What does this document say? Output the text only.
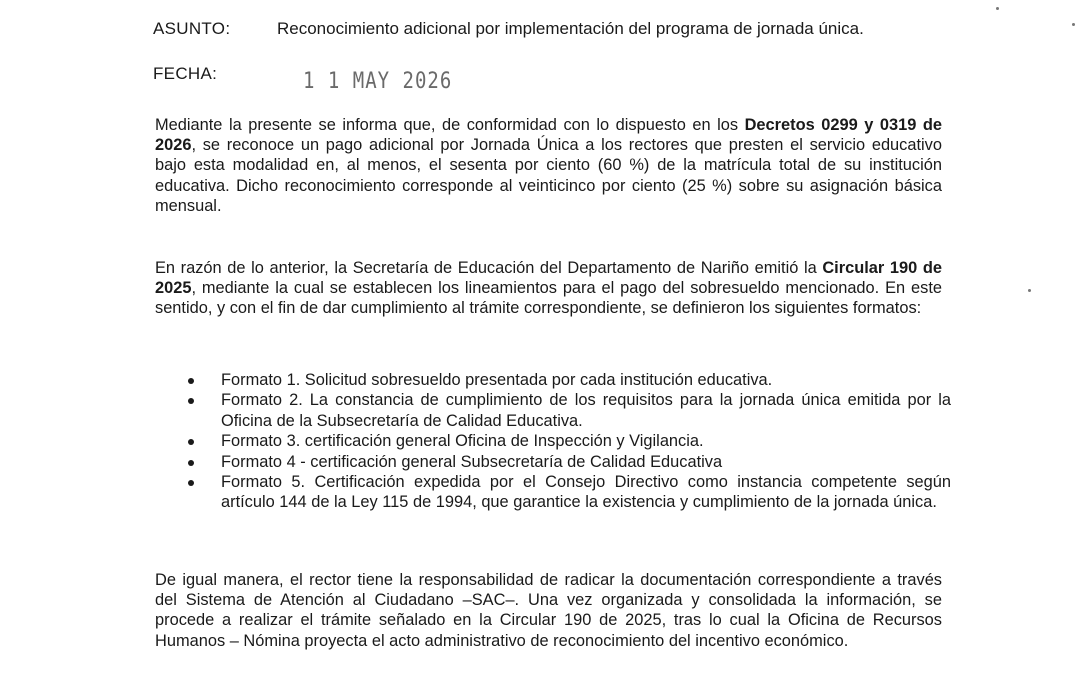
ASUNTO:	Reconocimiento adicional por implementación del programa de jornada única.
FECHA:	1 1 MAY 2026

Mediante la presente se informa que, de conformidad con lo dispuesto en los Decretos 0299 y 0319 de 2026, se reconoce un pago adicional por Jornada Única a los rectores que presten el servicio educativo bajo esta modalidad en, al menos, el sesenta por ciento (60 %) de la matrícula total de su institución educativa. Dicho reconocimiento corresponde al veinticinco por ciento (25 %) sobre su asignación básica mensual.

En razón de lo anterior, la Secretaría de Educación del Departamento de Nariño emitió la Circular 190 de 2025, mediante la cual se establecen los lineamientos para el pago del sobresueldo mencionado. En este sentido, y con el fin de dar cumplimiento al trámite correspondiente, se definieron los siguientes formatos:

Formato 1. Solicitud sobresueldo presentada por cada institución educativa.
Formato 2. La constancia de cumplimiento de los requisitos para la jornada única emitida por la Oficina de la Subsecretaría de Calidad Educativa.
Formato 3. certificación general Oficina de Inspección y Vigilancia.
Formato 4 - certificación general Subsecretaría de Calidad Educativa
Formato 5. Certificación expedida por el Consejo Directivo como instancia competente según artículo 144 de la Ley 115 de 1994, que garantice la existencia y cumplimiento de la jornada única.

De igual manera, el rector tiene la responsabilidad de radicar la documentación correspondiente a través del Sistema de Atención al Ciudadano –SAC–. Una vez organizada y consolidada la información, se procede a realizar el trámite señalado en la Circular 190 de 2025, tras lo cual la Oficina de Recursos Humanos – Nómina proyecta el acto administrativo de reconocimiento del incentivo económico.
